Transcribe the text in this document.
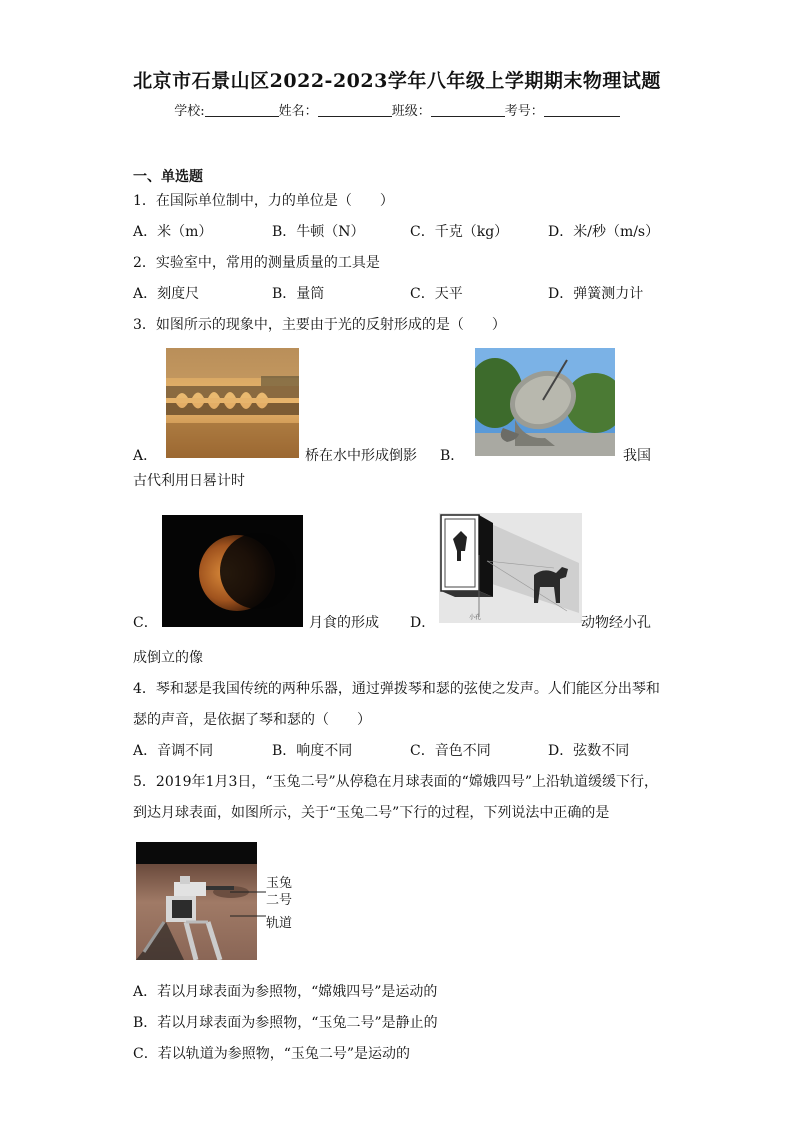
北京市石景山区2022-2023学年八年级上学期期末物理试题
学校:	姓名：	班级：	考号：
一、单选题
1．在国际单位制中，力的单位是（　　）
A．米（m）	B．牛顿（N）	C．千克（kg）	D．米/秒（m/s）
2．实验室中，常用的测量质量的工具是
A．刻度尺	B．量筒	C．天平	D．弹簧测力计
3．如图所示的现象中，主要由于光的反射形成的是（　　）
A．	桥在水中形成倒影 B．	我国
古代利用日晷计时
C．	月食的形成 D．	小孔	动物经小孔
成倒立的像
4．琴和瑟是我国传统的两种乐器，通过弹拨琴和瑟的弦使之发声。人们能区分出琴和
瑟的声音，是依据了琴和瑟的（　　）
A．音调不同	B．响度不同	C．音色不同	D．弦数不同
5．2019年1月3日，“玉兔二号”从停稳在月球表面的“嫦娥四号”上沿轨道缓缓下行，
到达月球表面，如图所示，关于“玉兔二号”下行的过程，下列说法中正确的是
玉兔
二号
轨道
A．若以月球表面为参照物，“嫦娥四号”是运动的
B．若以月球表面为参照物，“玉兔二号”是静止的
C．若以轨道为参照物，“玉兔二号”是运动的
